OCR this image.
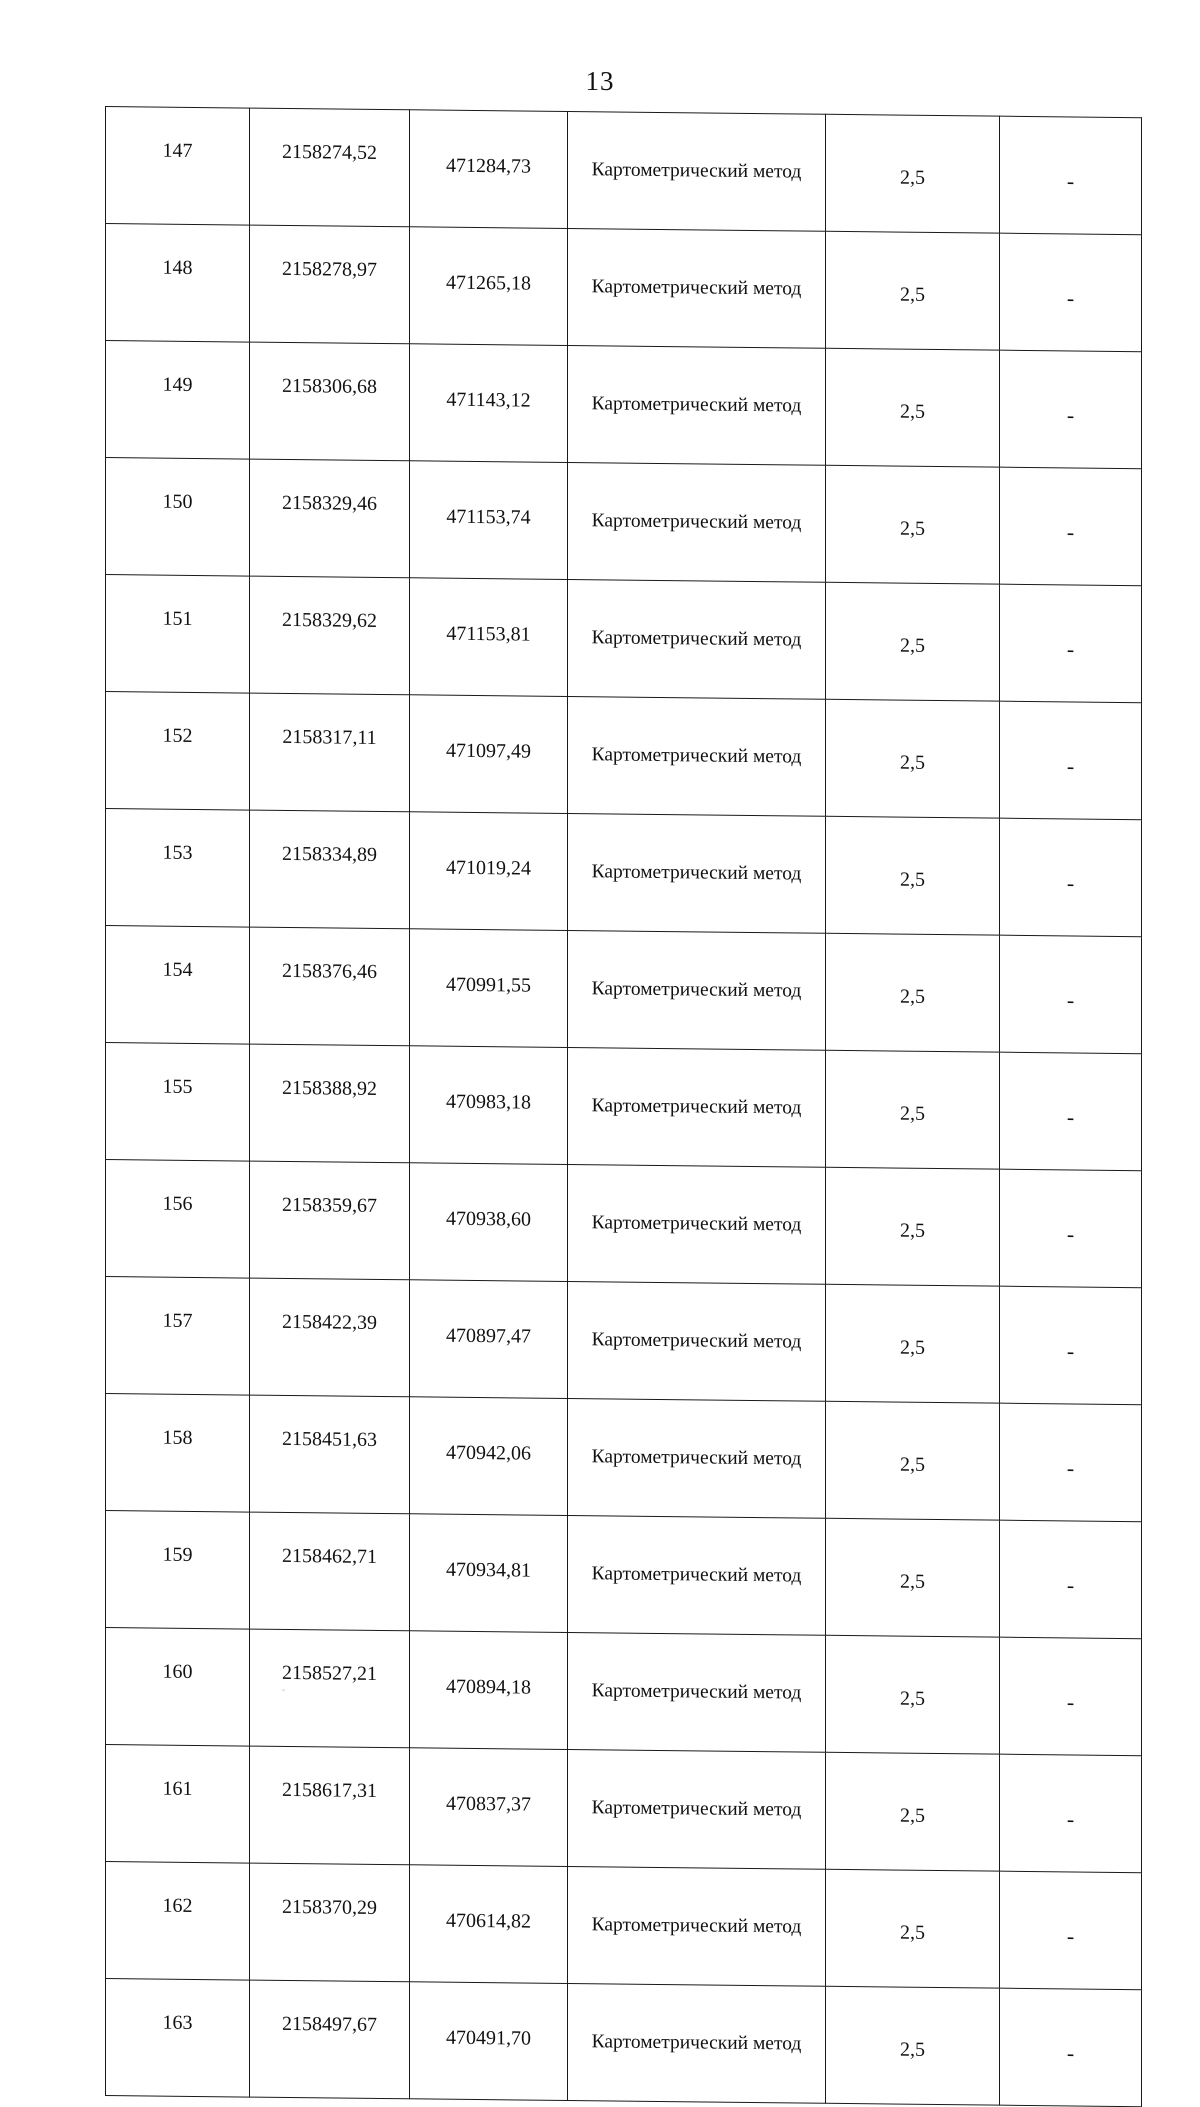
13
147	2158274,52	471284,73	Картометрический метод	2,5	-
148	2158278,97	471265,18	Картометрический метод	2,5	-
149	2158306,68	471143,12	Картометрический метод	2,5	-
150	2158329,46	471153,74	Картометрический метод	2,5	-
151	2158329,62	471153,81	Картометрический метод	2,5	-
152	2158317,11	471097,49	Картометрический метод	2,5	-
153	2158334,89	471019,24	Картометрический метод	2,5	-
154	2158376,46	470991,55	Картометрический метод	2,5	-
155	2158388,92	470983,18	Картометрический метод	2,5	-
156	2158359,67	470938,60	Картометрический метод	2,5	-
157	2158422,39	470897,47	Картометрический метод	2,5	-
158	2158451,63	470942,06	Картометрический метод	2,5	-
159	2158462,71	470934,81	Картометрический метод	2,5	-
160	2158527,21	470894,18	Картометрический метод	2,5	-
161	2158617,31	470837,37	Картометрический метод	2,5	-
162	2158370,29	470614,82	Картометрический метод	2,5	-
163	2158497,67	470491,70	Картометрический метод	2,5	-
˘
